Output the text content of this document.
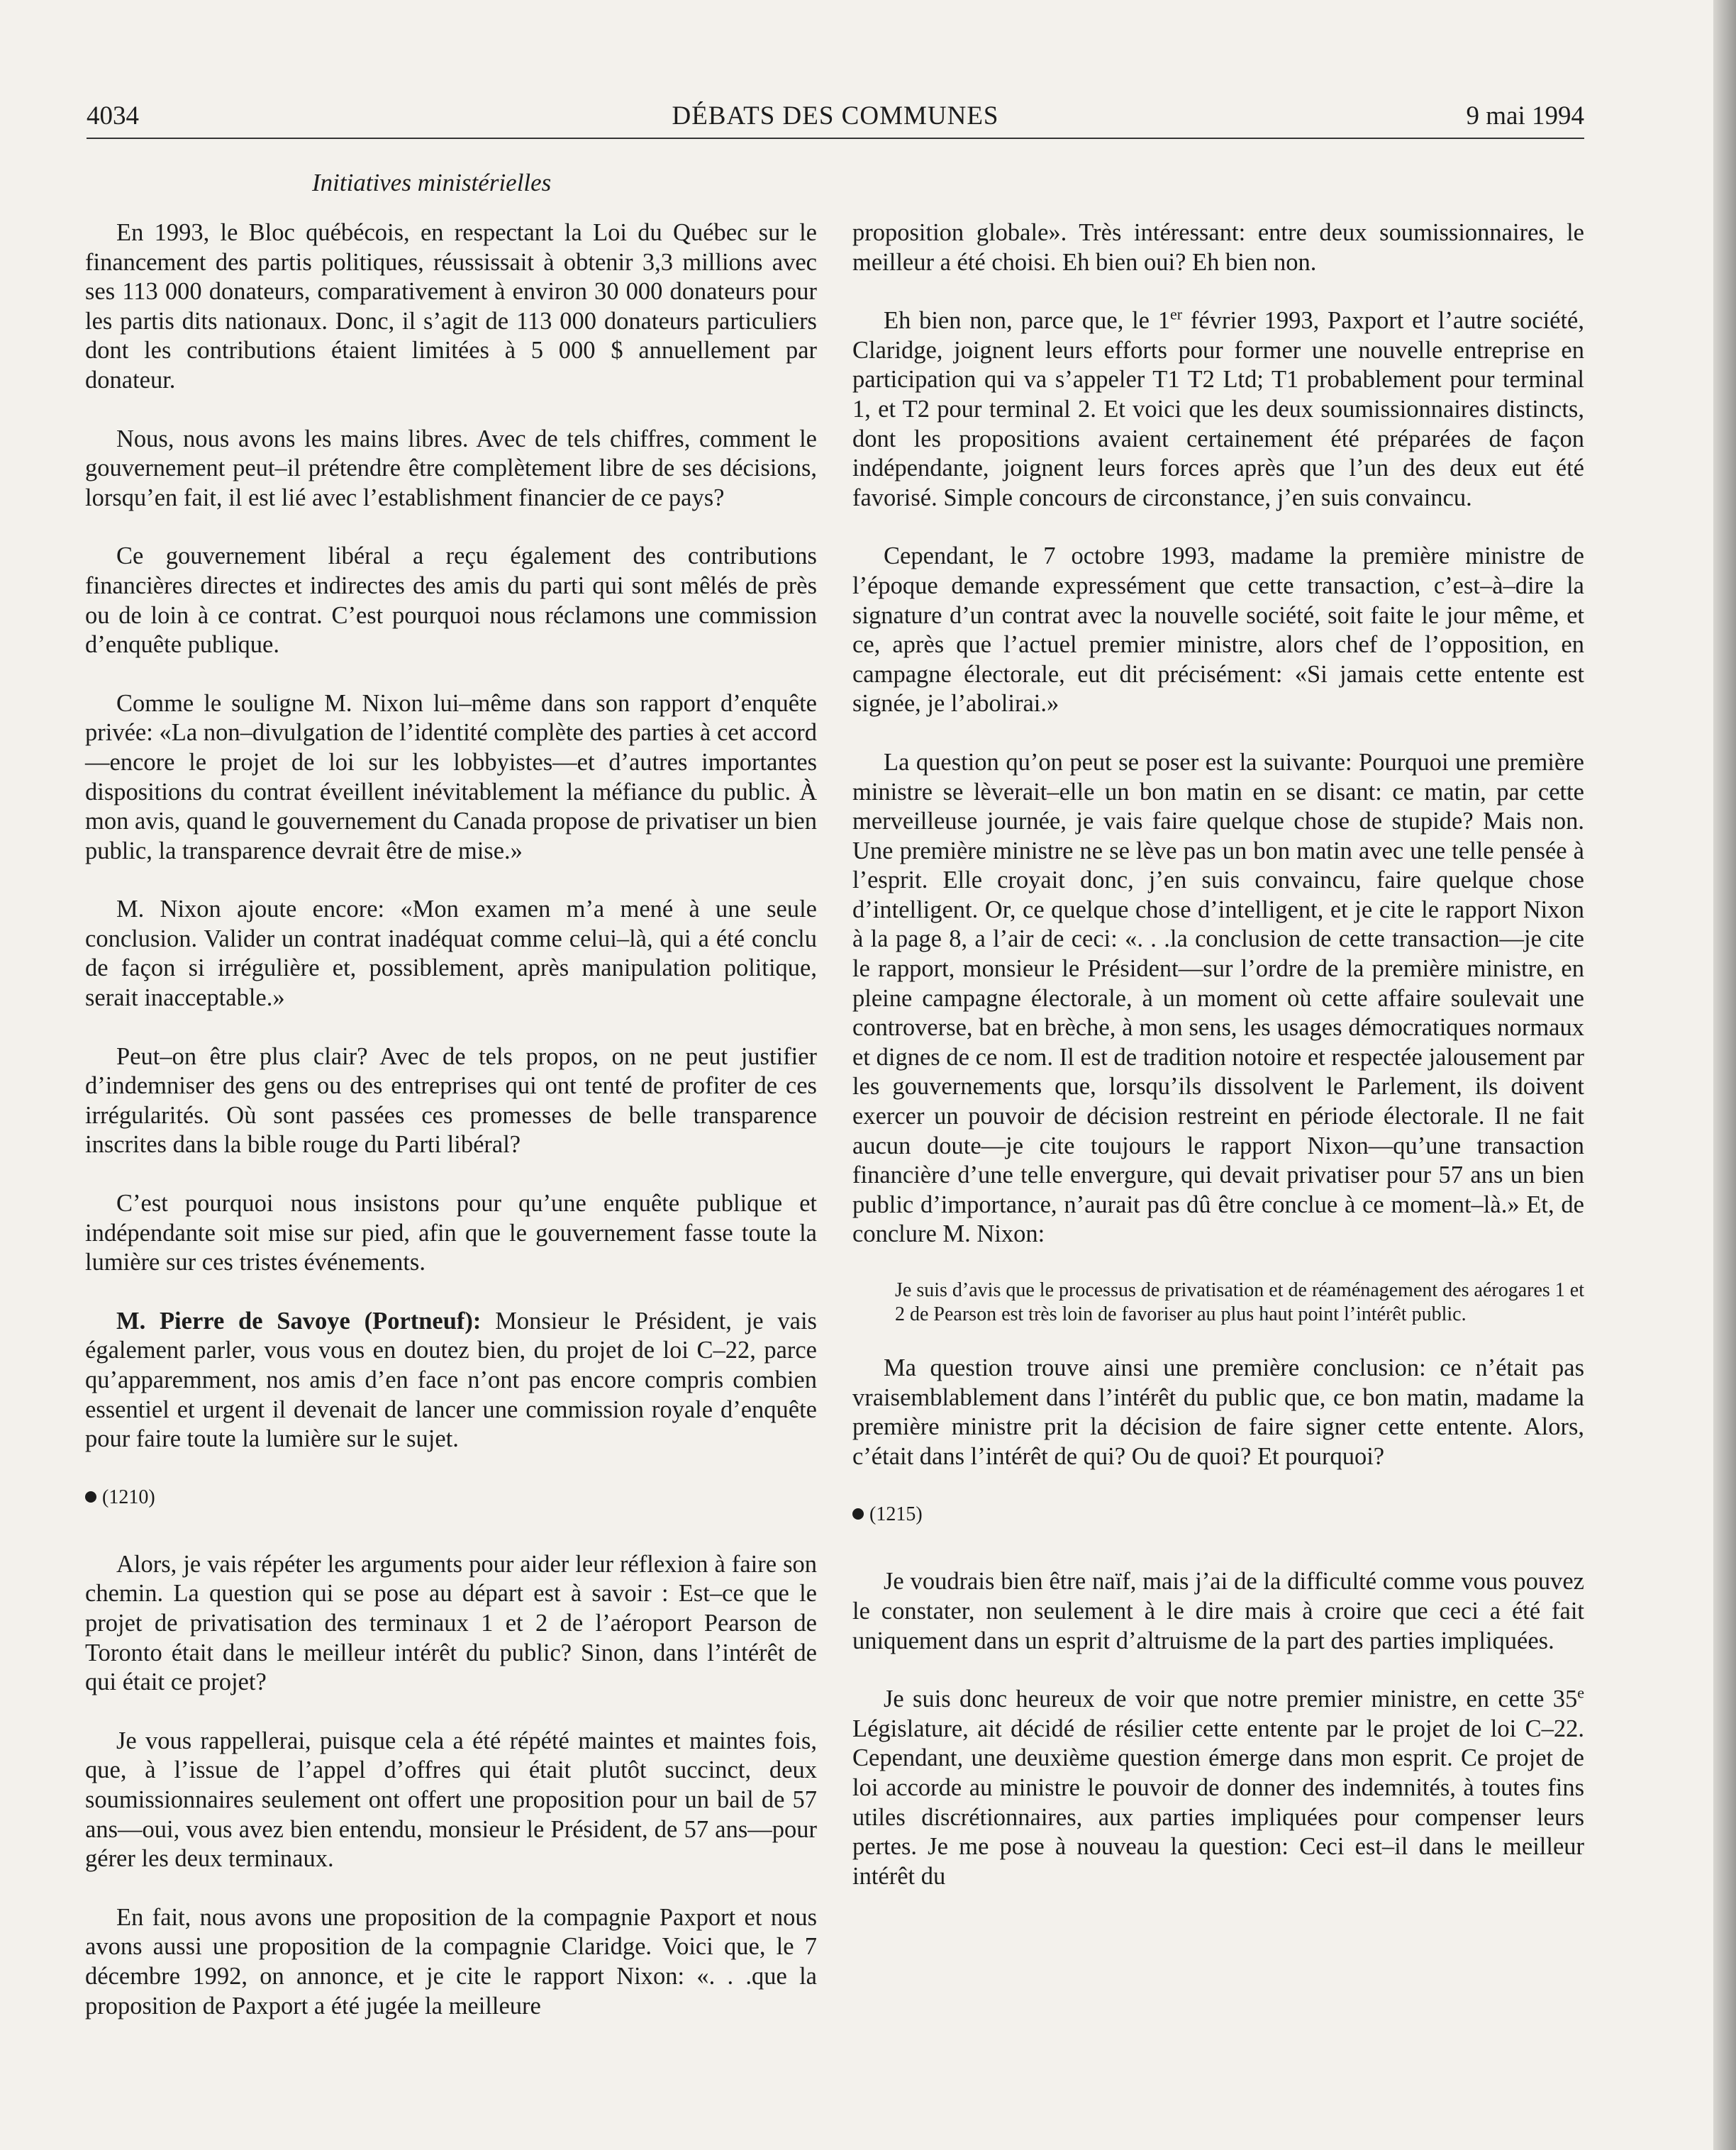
4034	DÉBATS DES COMMUNES	9 mai 1994
Initiatives ministérielles

En 1993, le Bloc québécois, en respectant la Loi du Québec sur le financement des partis politiques, réussissait à obtenir 3,3 millions avec ses 113 000 donateurs, comparativement à environ 30 000 donateurs pour les partis dits nationaux. Donc, il s’agit de 113 000 donateurs particuliers dont les contributions étaient limitées à 5 000 $ annuellement par donateur.

Nous, nous avons les mains libres. Avec de tels chiffres, comment le gouvernement peut–il prétendre être complètement libre de ses décisions, lorsqu’en fait, il est lié avec l’establishment financier de ce pays?

Ce gouvernement libéral a reçu également des contributions financières directes et indirectes des amis du parti qui sont mêlés de près ou de loin à ce contrat. C’est pourquoi nous réclamons une commission d’enquête publique.

Comme le souligne M. Nixon lui–même dans son rapport d’enquête privée: «La non–divulgation de l’identité complète des parties à cet accord—encore le projet de loi sur les lobbyistes—et d’autres importantes dispositions du contrat éveillent inévitablement la méfiance du public. À mon avis, quand le gouvernement du Canada propose de privatiser un bien public, la transparence devrait être de mise.»

M. Nixon ajoute encore: «Mon examen m’a mené à une seule conclusion. Valider un contrat inadéquat comme celui–là, qui a été conclu de façon si irrégulière et, possiblement, après manipulation politique, serait inacceptable.»

Peut–on être plus clair? Avec de tels propos, on ne peut justifier d’indemniser des gens ou des entreprises qui ont tenté de profiter de ces irrégularités. Où sont passées ces promesses de belle transparence inscrites dans la bible rouge du Parti libéral?

C’est pourquoi nous insistons pour qu’une enquête publique et indépendante soit mise sur pied, afin que le gouvernement fasse toute la lumière sur ces tristes événements.

M. Pierre de Savoye (Portneuf): Monsieur le Président, je vais également parler, vous vous en doutez bien, du projet de loi C–22, parce qu’apparemment, nos amis d’en face n’ont pas encore compris combien essentiel et urgent il devenait de lancer une commission royale d’enquête pour faire toute la lumière sur le sujet.

(1210)

Alors, je vais répéter les arguments pour aider leur réflexion à faire son chemin. La question qui se pose au départ est à savoir : Est–ce que le projet de privatisation des terminaux 1 et 2 de l’aéroport Pearson de Toronto était dans le meilleur intérêt du public? Sinon, dans l’intérêt de qui était ce projet?

Je vous rappellerai, puisque cela a été répété maintes et maintes fois, que, à l’issue de l’appel d’offres qui était plutôt succinct, deux soumissionnaires seulement ont offert une proposition pour un bail de 57 ans—oui, vous avez bien entendu, monsieur le Président, de 57 ans—pour gérer les deux terminaux.

En fait, nous avons une proposition de la compagnie Paxport et nous avons aussi une proposition de la compagnie Claridge. Voici que, le 7 décembre 1992, on annonce, et je cite le rapport Nixon: «. . .que la proposition de Paxport a été jugée la meilleure

proposition globale». Très intéressant: entre deux soumissionnaires, le meilleur a été choisi. Eh bien oui? Eh bien non.

Eh bien non, parce que, le 1er février 1993, Paxport et l’autre société, Claridge, joignent leurs efforts pour former une nouvelle entreprise en participation qui va s’appeler T1 T2 Ltd; T1 probablement pour terminal 1, et T2 pour terminal 2. Et voici que les deux soumissionnaires distincts, dont les propositions avaient certainement été préparées de façon indépendante, joignent leurs forces après que l’un des deux eut été favorisé. Simple concours de circonstance, j’en suis convaincu.

Cependant, le 7 octobre 1993, madame la première ministre de l’époque demande expressément que cette transaction, c’est–à–dire la signature d’un contrat avec la nouvelle société, soit faite le jour même, et ce, après que l’actuel premier ministre, alors chef de l’opposition, en campagne électorale, eut dit précisément: «Si jamais cette entente est signée, je l’abolirai.»

La question qu’on peut se poser est la suivante: Pourquoi une première ministre se lèverait–elle un bon matin en se disant: ce matin, par cette merveilleuse journée, je vais faire quelque chose de stupide? Mais non. Une première ministre ne se lève pas un bon matin avec une telle pensée à l’esprit. Elle croyait donc, j’en suis convaincu, faire quelque chose d’intelligent. Or, ce quelque chose d’intelligent, et je cite le rapport Nixon à la page 8, a l’air de ceci: «. . .la conclusion de cette transaction—je cite le rapport, monsieur le Président—sur l’ordre de la première ministre, en pleine campagne électorale, à un moment où cette affaire soulevait une controverse, bat en brèche, à mon sens, les usages démocratiques normaux et dignes de ce nom. Il est de tradition notoire et respectée jalousement par les gouvernements que, lorsqu’ils dissolvent le Parlement, ils doivent exercer un pouvoir de décision restreint en période électorale. Il ne fait aucun doute—je cite toujours le rapport Nixon—qu’une transaction financière d’une telle envergure, qui devait privatiser pour 57 ans un bien public d’importance, n’aurait pas dû être conclue à ce moment–là.» Et, de conclure M. Nixon:

Je suis d’avis que le processus de privatisation et de réaménagement des aérogares 1 et 2 de Pearson est très loin de favoriser au plus haut point l’intérêt public.

Ma question trouve ainsi une première conclusion: ce n’était pas vraisemblablement dans l’intérêt du public que, ce bon matin, madame la première ministre prit la décision de faire signer cette entente. Alors, c’était dans l’intérêt de qui? Ou de quoi? Et pourquoi?

(1215)

Je voudrais bien être naïf, mais j’ai de la difficulté comme vous pouvez le constater, non seulement à le dire mais à croire que ceci a été fait uniquement dans un esprit d’altruisme de la part des parties impliquées.

Je suis donc heureux de voir que notre premier ministre, en cette 35e Législature, ait décidé de résilier cette entente par le projet de loi C–22. Cependant, une deuxième question émerge dans mon esprit. Ce projet de loi accorde au ministre le pouvoir de donner des indemnités, à toutes fins utiles discrétionnaires, aux parties impliquées pour compenser leurs pertes. Je me pose à nouveau la question: Ceci est–il dans le meilleur intérêt du
